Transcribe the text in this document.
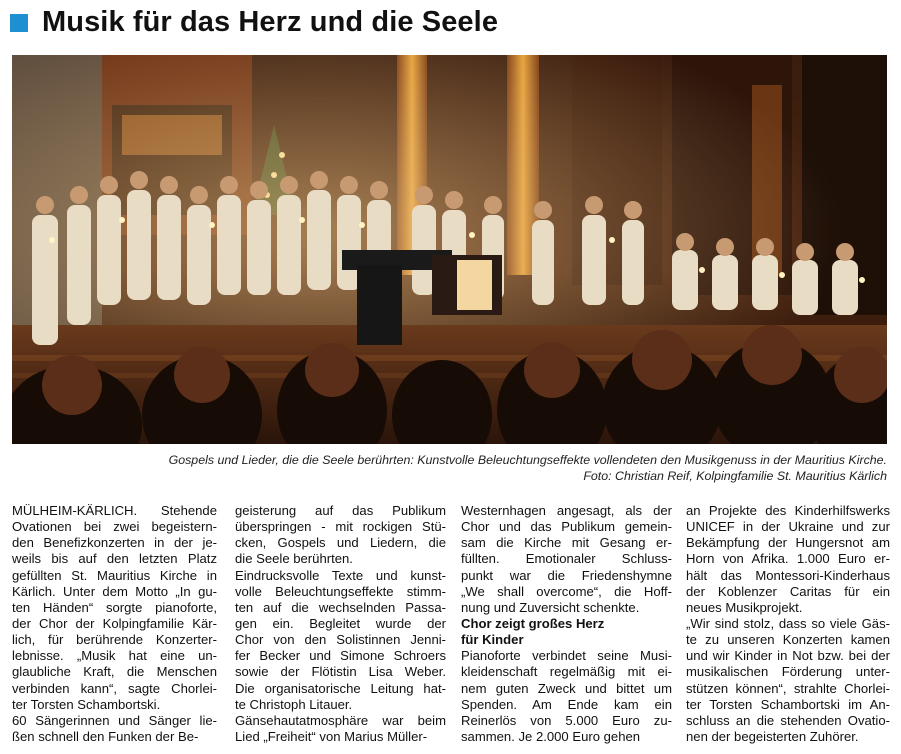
Musik für das Herz und die Seele
Gospels und Lieder, die die Seele berührten: Kunstvolle Beleuchtungseffekte vollendeten den Musikgenuss in der Mauritius Kirche.
Foto: Christian Reif, Kolpingfamilie St. Mauritius Kärlich
MÜLHEIM-KÄRLICH. Stehende
Ovationen bei zwei begeistern-
den Benefizkonzerten in der je-
weils bis auf den letzten Platz
gefüllten St. Mauritius Kirche in
Kärlich. Unter dem Motto „In gu-
ten Händen“ sorgte pianoforte,
der Chor der Kolpingfamilie Kär-
lich, für berührende Konzerter-
lebnisse. „Musik hat eine un-
glaubliche Kraft, die Menschen
verbinden kann“, sagte Chorlei-
ter Torsten Schambortski.
60 Sängerinnen und Sänger lie-
ßen schnell den Funken der Be-
geisterung auf das Publikum
überspringen - mit rockigen Stü-
cken, Gospels und Liedern, die
die Seele berührten.
Eindrucksvolle Texte und kunst-
volle Beleuchtungseffekte stimm-
ten auf die wechselnden Passa-
gen ein. Begleitet wurde der
Chor von den Solistinnen Jenni-
fer Becker und Simone Schroers
sowie der Flötistin Lisa Weber.
Die organisatorische Leitung hat-
te Christoph Litauer.
Gänsehautatmosphäre war beim
Lied „Freiheit“ von Marius Müller-
Westernhagen angesagt, als der
Chor und das Publikum gemein-
sam die Kirche mit Gesang er-
füllten. Emotionaler Schluss-
punkt war die Friedenshymne
„We shall overcome“, die Hoff-
nung und Zuversicht schenkte.
Chor zeigt großes Herz
für Kinder
Pianoforte verbindet seine Musi-
kleidenschaft regelmäßig mit ei-
nem guten Zweck und bittet um
Spenden. Am Ende kam ein
Reinerlös von 5.000 Euro zu-
sammen. Je 2.000 Euro gehen
an Projekte des Kinderhilfswerks
UNICEF in der Ukraine und zur
Bekämpfung der Hungersnot am
Horn von Afrika. 1.000 Euro er-
hält das Montessori-Kinderhaus
der Koblenzer Caritas für ein
neues Musikprojekt.
„Wir sind stolz, dass so viele Gäs-
te zu unseren Konzerten kamen
und wir Kinder in Not bzw. bei der
musikalischen Förderung unter-
stützen können“, strahlte Chorlei-
ter Torsten Schambortski im An-
schluss an die stehenden Ovatio-
nen der begeisterten Zuhörer.
